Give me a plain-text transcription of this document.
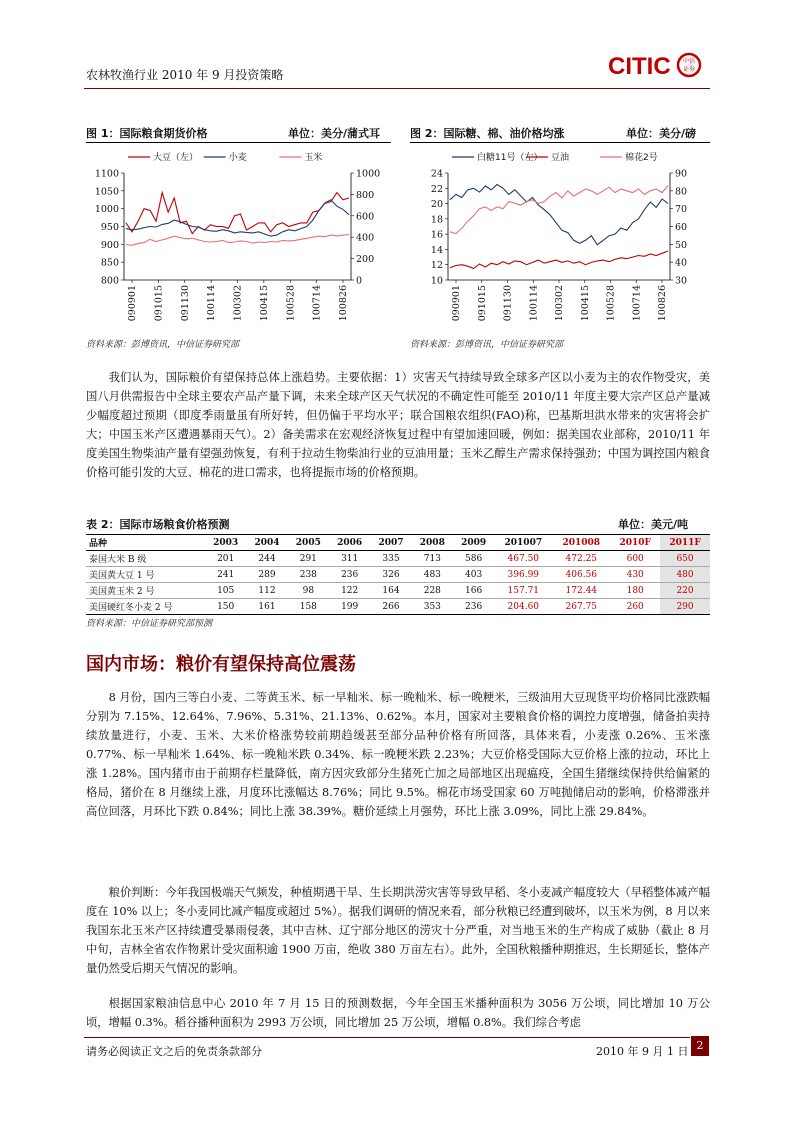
农林牧渔行业 2010 年 9 月投资策略	CITIC 中信
证券
图 1：国际粮食期货价格	单位：美分/蒲式耳
大豆（左）	小麦	玉米
1100
1050
1000
950
900
850
800
1000
800
600
400
200
0
090901 091015 091130 100114 100302 100415 100528 100714 100826
资料来源：彭博资讯，中信证券研究部
图 2：国际糖、棉、油价格均涨	单位：美分/磅
白糖11号（左） 豆油	棉花2号
24
22
20
18
16
14
12
10
90
80
70
60
50
40
30
090901 091015 091130 100114 100302 100415 100528 100714 100826
资料来源：彭博资讯，中信证券研究部

我们认为，国际粮价有望保持总体上涨趋势。主要依据：1）灾害天气持续导致全球多产区以小麦为主的农作物受灾，美国八月供需报告中全球主要农产品产量下调，未来全球产区天气状况的不确定性可能至 2010/11 年度主要大宗产区总产量减少幅度超过预期（即度季雨量虽有所好转，但仍偏于平均水平；联合国粮农组织(FAO)称，巴基斯坦洪水带来的灾害将会扩大；中国玉米产区遭遇暴雨天气）。2）备美需求在宏观经济恢复过程中有望加速回暖，例如：据美国农业部称，2010/11 年度美国生物柴油产量有望强劲恢复，有利于拉动生物柴油行业的豆油用量；玉米乙醇生产需求保持强劲；中国为调控国内粮食价格可能引发的大豆、棉花的进口需求，也将提振市场的价格预期。

表 2：国际市场粮食价格预测	单位：美元/吨
品种	2003	2004	2005	2006	2007	2008	2009	201007	201008	2010F	2011F
泰国大米 B 级	201	244	291	311	335	713	586	467.50	472.25	600	650
美国黄大豆 1 号	241	289	238	236	326	483	403	396.99	406.56	430	480
美国黄玉米 2 号	105	112	98	122	164	228	166	157.71	172.44	180	220
美国硬红冬小麦 2 号	150	161	158	199	266	353	236	204.60	267.75	260	290
资料来源：中信证券研究部预测
国内市场：粮价有望保持高位震荡

8 月份，国内三等白小麦、二等黄玉米、标一早籼米、标一晚籼米、标一晚粳米，三级油用大豆现货平均价格同比涨跌幅分别为 7.15%、12.64%、7.96%、5.31%、21.13%、0.62%。本月，国家对主要粮食价格的调控力度增强，储备拍卖持续放量进行，小麦、玉米、大米价格涨势较前期趋缓甚至部分品种价格有所回落，具体来看，小麦涨 0.26%、玉米涨 0.77%、标一早籼米 1.64%、标一晚籼米跌 0.34%、标一晚粳米跌 2.23%；大豆价格受国际大豆价格上涨的拉动，环比上涨 1.28%。国内猪市由于前期存栏量降低，南方因灾致部分生猪死亡加之局部地区出现瘟疫，全国生猪继续保持供给偏紧的格局，猪价在 8 月继续上涨，月度环比涨幅达 8.76%；同比 9.5%。棉花市场受国家 60 万吨抛储启动的影响，价格滞涨并高位回落，月环比下跌 0.84%；同比上涨 38.39%。糖价延续上月强势，环比上涨 3.09%，同比上涨 29.84%。

粮价判断：今年我国极端天气频发，种植期遇干旱、生长期洪涝灾害等导致早稻、冬小麦减产幅度较大（早稻整体减产幅度在 10% 以上；冬小麦同比减产幅度或超过 5%）。据我们调研的情况来看，部分秋粮已经遭到破坏，以玉米为例，8 月以来我国东北玉米产区持续遭受暴雨侵袭，其中吉林、辽宁部分地区的涝灾十分严重，对当地玉米的生产构成了威胁（截止 8 月中旬，吉林全省农作物累计受灾面积逾 1900 万亩，绝收 380 万亩左右）。此外，全国秋粮播种期推迟，生长期延长，整体产量仍然受后期天气情况的影响。

根据国家粮油信息中心 2010 年 7 月 15 日的预测数据，今年全国玉米播种面积为 3056 万公顷，同比增加 10 万公顷，增幅 0.3%。稻谷播种面积为 2993 万公顷，同比增加 25 万公顷，增幅 0.8%。我们综合考虑

请务必阅读正文之后的免责条款部分	2010 年 9 月 1 日 2
